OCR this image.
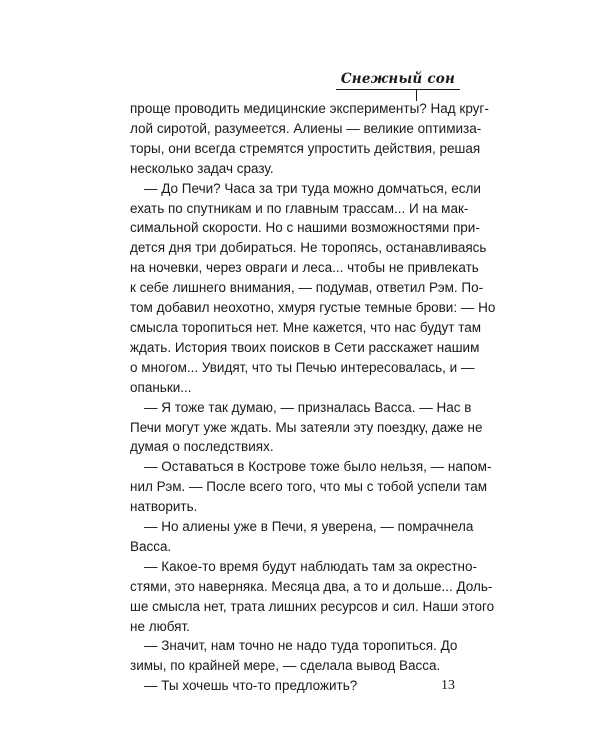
Снежный сон

проще проводить медицинские эксперименты? Над круг-
лой сиротой, разумеется. Алиены — великие оптимиза-
торы, они всегда стремятся упростить действия, решая
несколько задач сразу.

— До Печи? Часа за три туда можно домчаться, если
ехать по спутникам и по главным трассам... И на мак-
симальной скорости. Но с нашими возможностями при-
дется дня три добираться. Не торопясь, останавливаясь
на ночевки, через овраги и леса... чтобы не привлекать
к себе лишнего внимания, — подумав, ответил Рэм. По-
том добавил неохотно, хмуря густые темные брови: — Но
смысла торопиться нет. Мне кажется, что нас будут там
ждать. История твоих поисков в Сети расскажет нашим
о многом... Увидят, что ты Печью интересовалась, и —
опаньки...

— Я тоже так думаю, — призналась Васса. — Нас в
Печи могут уже ждать. Мы затеяли эту поездку, даже не
думая о последствиях.

— Оставаться в Кострове тоже было нельзя, — напом-
нил Рэм. — После всего того, что мы с тобой успели там
натворить.

— Но алиены уже в Печи, я уверена, — помрачнела
Васса.

— Какое-то время будут наблюдать там за окрестно-
стями, это наверняка. Месяца два, а то и дольше... Доль-
ше смысла нет, трата лишних ресурсов и сил. Наши этого
не любят.

— Значит, нам точно не надо туда торопиться. До
зимы, по крайней мере, — сделала вывод Васса.

— Ты хочешь что-то предложить?	13
